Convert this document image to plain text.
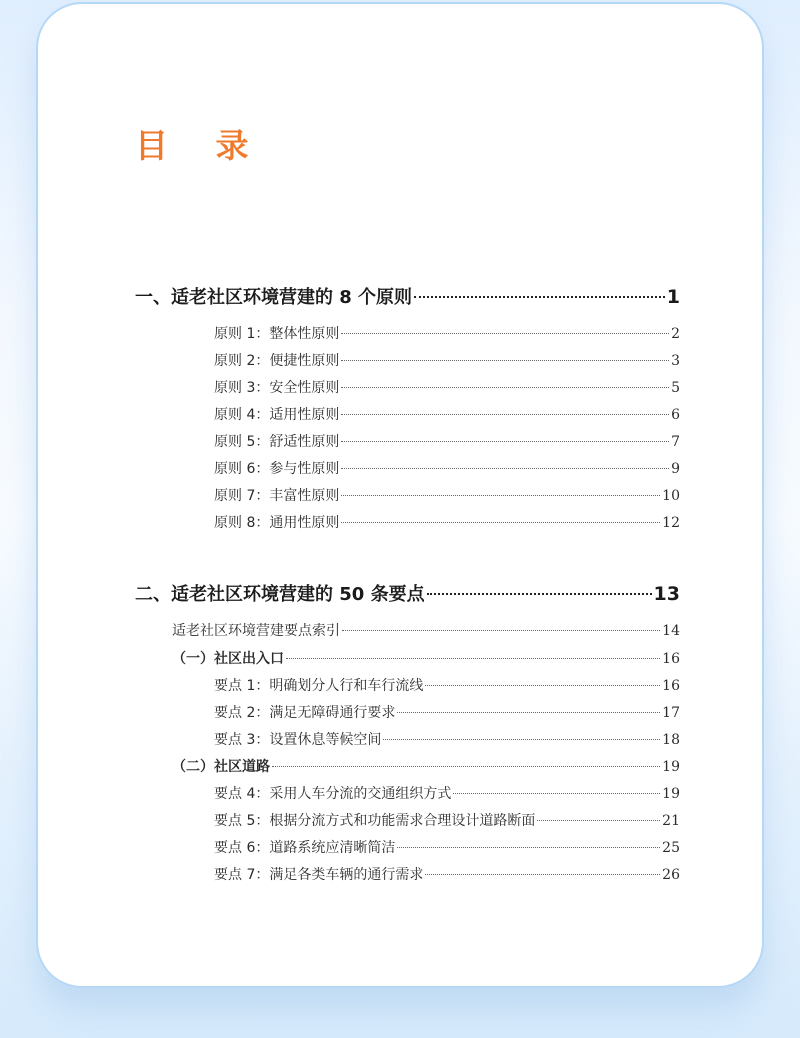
目 录
一、适老社区环境营建的 8 个原则	1
原则 1：整体性原则	2
原则 2：便捷性原则	3
原则 3：安全性原则	5
原则 4：适用性原则	6
原则 5：舒适性原则	7
原则 6：参与性原则	9
原则 7：丰富性原则	10
原则 8：通用性原则	12
二、适老社区环境营建的 50 条要点	13
适老社区环境营建要点索引	14
（一）社区出入口	16
要点 1：明确划分人行和车行流线	16
要点 2：满足无障碍通行要求	17
要点 3：设置休息等候空间	18
（二）社区道路	19
要点 4：采用人车分流的交通组织方式	19
要点 5：根据分流方式和功能需求合理设计道路断面	21
要点 6：道路系统应清晰简洁	25
要点 7：满足各类车辆的通行需求	26
